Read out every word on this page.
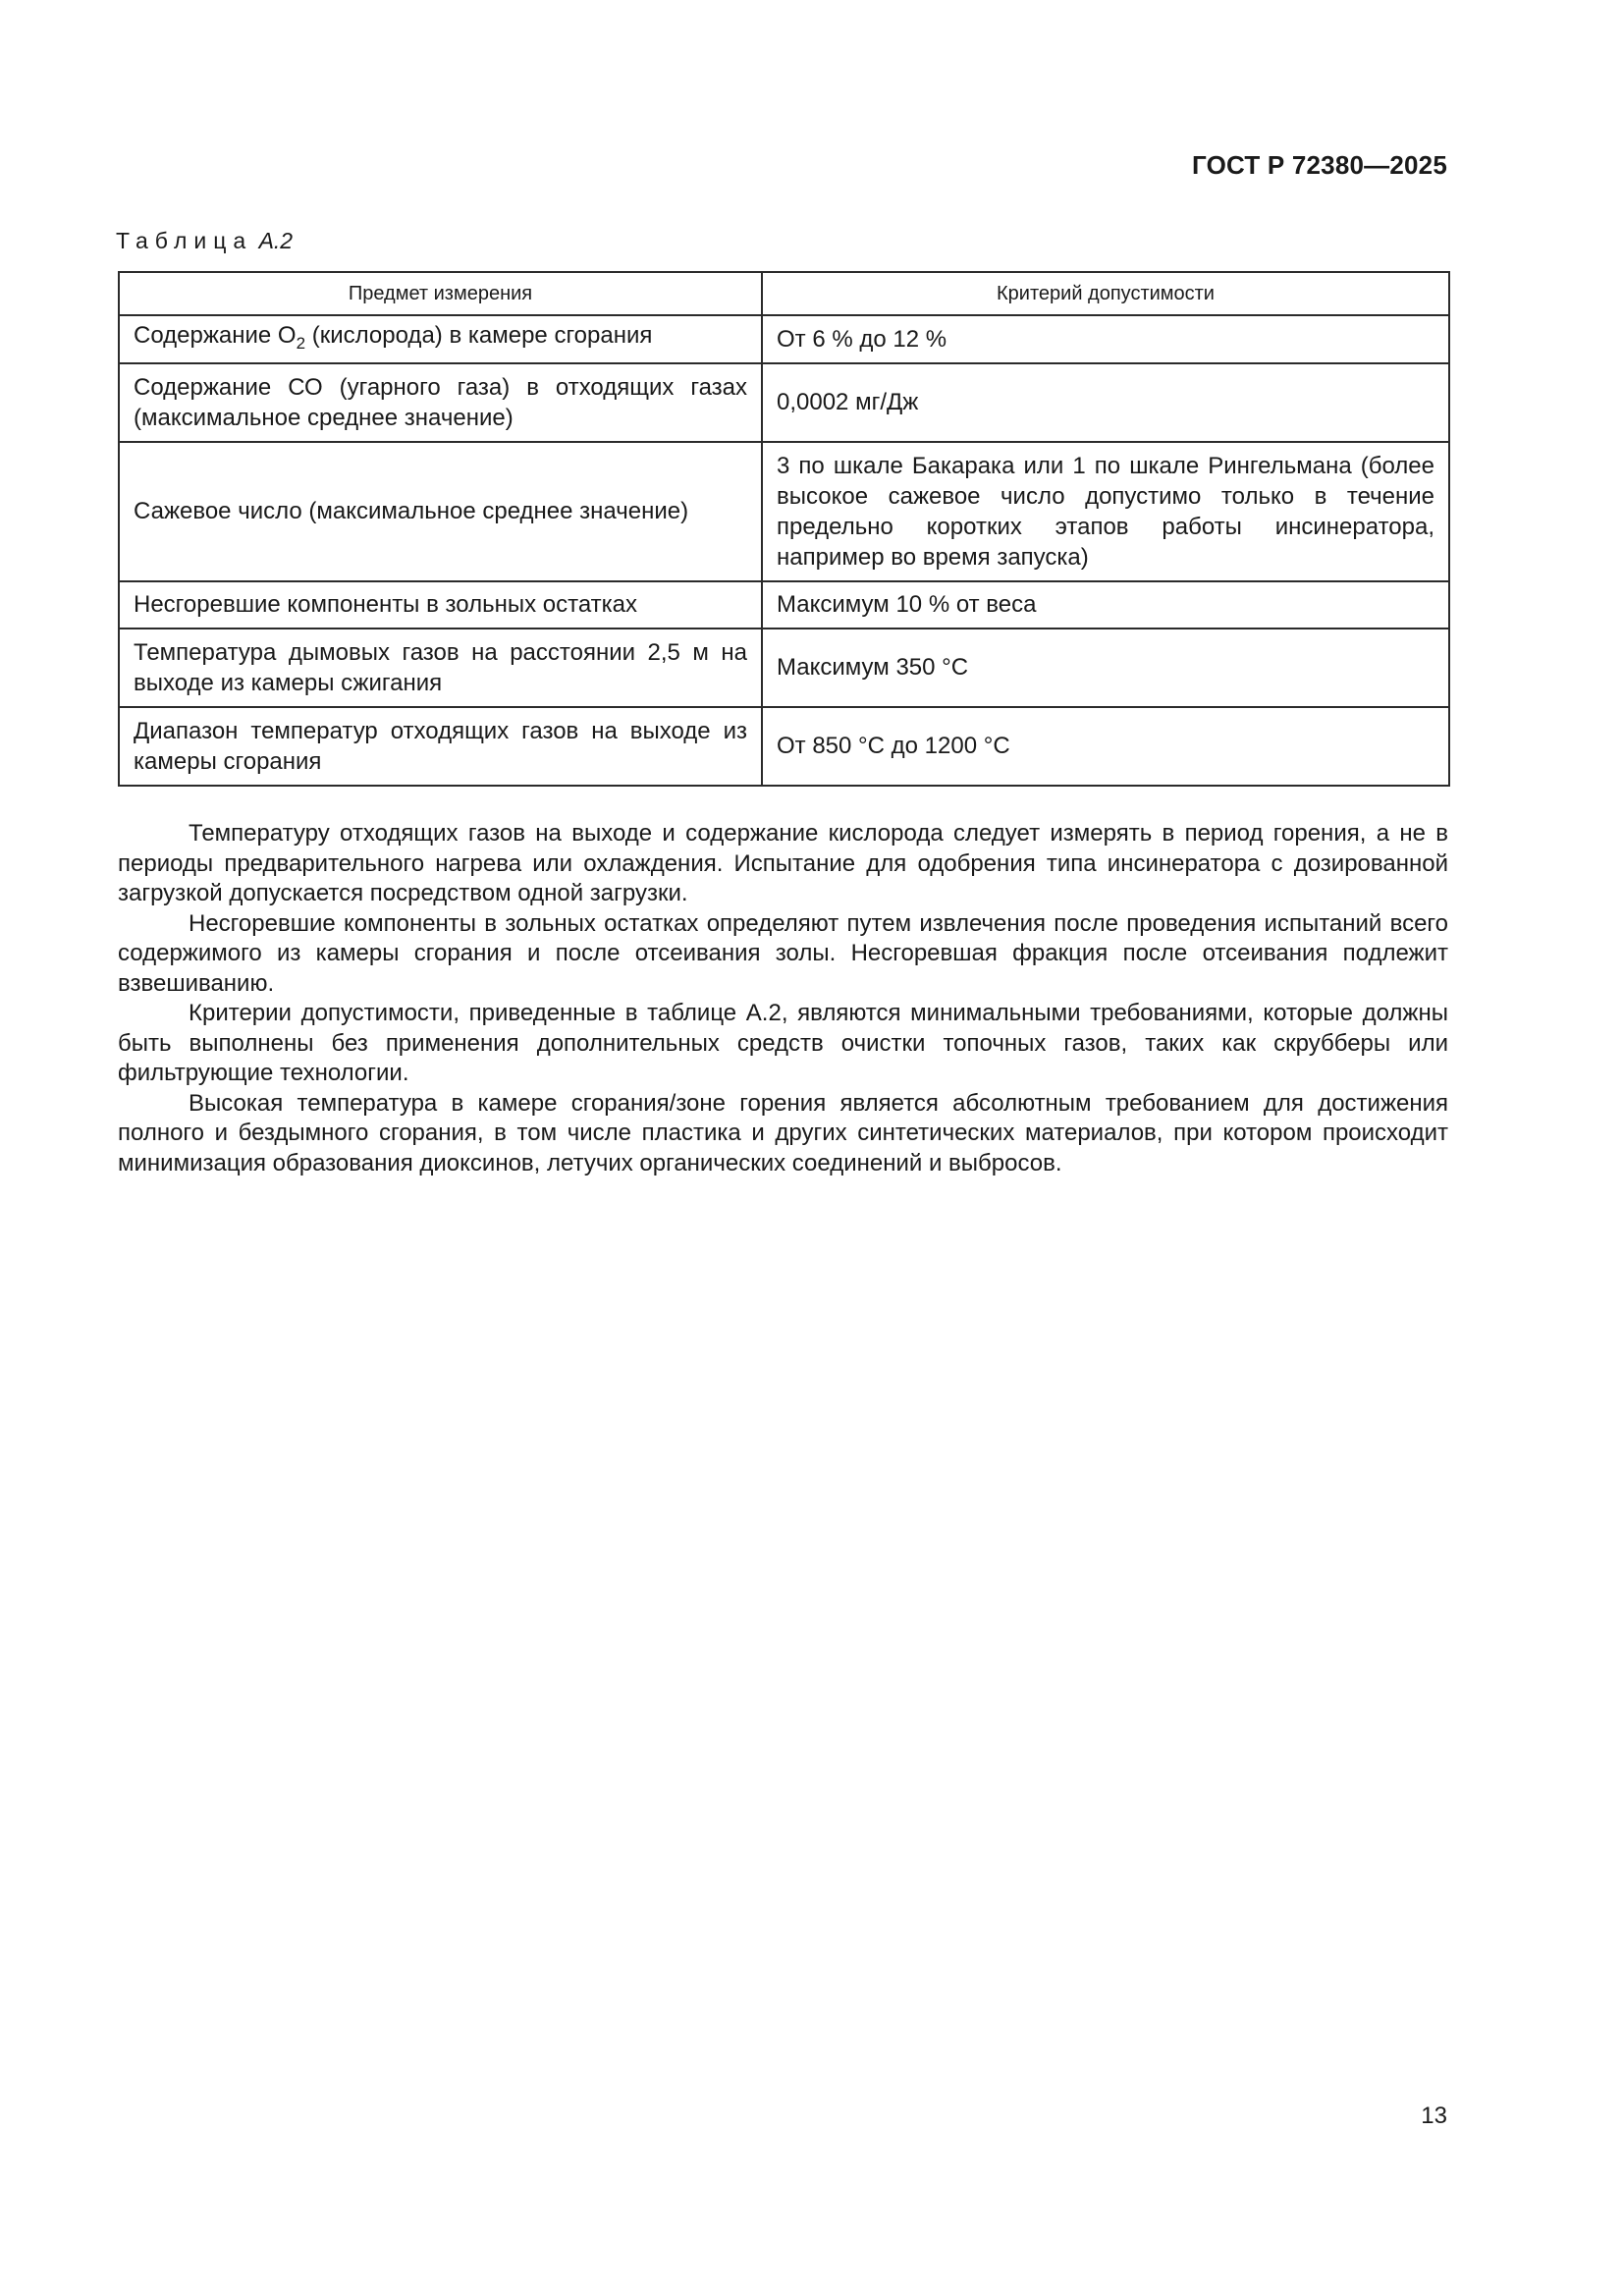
ГОСТ Р 72380—2025
Таблица А.2
Предмет измерения	Критерий допустимости
Содержание $О_2$ (кислорода) в камере сгорания	От 6 % до 12 %
Содержание СО (угарного газа) в отходящих газах (максимальное среднее значение)	0,0002 мг/Дж
Сажевое число (максимальное среднее значение)	3 по шкале Бакарака или 1 по шкале Рингельмана (более высокое сажевое число допустимо только в течение предельно коротких этапов работы инсинератора, например во время запуска)
Несгоревшие компоненты в зольных остатках	Максимум 10 % от веса
Температура дымовых газов на расстоянии 2,5 м на выходе из камеры сжигания	Максимум 350 °С
Диапазон температур отходящих газов на выходе из камеры сгорания	От 850 °С до 1200 °С

Температуру отходящих газов на выходе и содержание кислорода следует измерять в период горения, а не в периоды предварительного нагрева или охлаждения. Испытание для одобрения типа инсинератора с дозированной загрузкой допускается посредством одной загрузки.

Несгоревшие компоненты в зольных остатках определяют путем извлечения после проведения испытаний всего содержимого из камеры сгорания и после отсеивания золы. Несгоревшая фракция после отсеивания подлежит взвешиванию.

Критерии допустимости, приведенные в таблице А.2, являются минимальными требованиями, которые должны быть выполнены без применения дополнительных средств очистки топочных газов, таких как скрубберы или фильтрующие технологии.

Высокая температура в камере сгорания/зоне горения является абсолютным требованием для достижения полного и бездымного сгорания, в том числе пластика и других синтетических материалов, при котором происходит минимизация образования диоксинов, летучих органических соединений и выбросов.

13
